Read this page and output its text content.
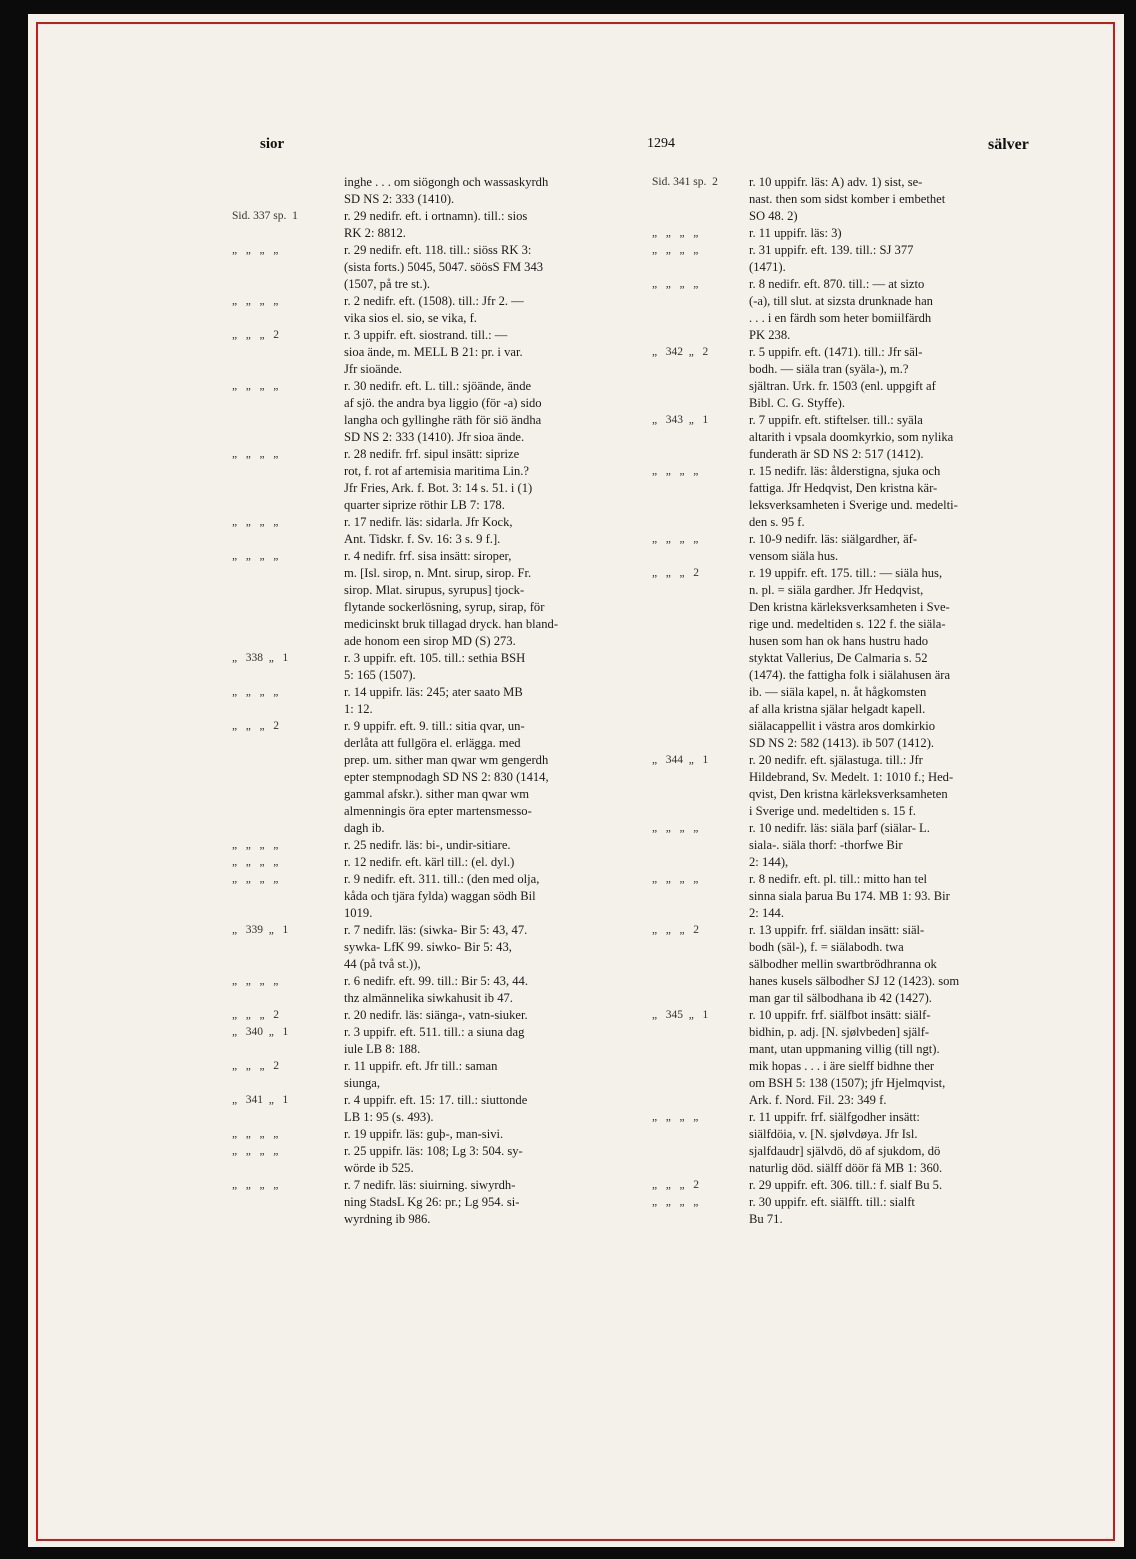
sior	1294	sälver
inghe . . . om siögongh och wassaskyrdh
SD NS 2: 333 (1410).
Sid. 337 sp.  1	r. 29 nedifr. eft. i ortnamn). till.: sios
RK 2: 8812.
„   „   „   „	r. 29 nedifr. eft. 118. till.: siöss RK 3:
(sista forts.) 5045, 5047. söösS FM 343
(1507, på tre st.).
„   „   „   „	r. 2 nedifr. eft. (1508). till.: Jfr 2. —
vika sios el. sio, se vika, f.
„   „   „   2	r. 3 uppifr. eft. siostrand. till.: —
sioa ände, m. MELL B 21: pr. i var.
Jfr sioände.
„   „   „   „	r. 30 nedifr. eft. L. till.: sjöände, ände
af sjö. the andra bya liggio (för -a) sido
langha och gyllinghe räth för siö ändha
SD NS 2: 333 (1410). Jfr sioa ände.
„   „   „   „	r. 28 nedifr. frf. sipul insätt: siprize
rot, f. rot af artemisia maritima Lin.?
Jfr Fries, Ark. f. Bot. 3: 14 s. 51. i (1)
quarter siprize röthir LB 7: 178.
„   „   „   „	r. 17 nedifr. läs: sidarla. Jfr Kock,
Ant. Tidskr. f. Sv. 16: 3 s. 9 f.].
„   „   „   „	r. 4 nedifr. frf. sisa insätt: siroper,
m. [Isl. sirop, n. Mnt. sirup, sirop. Fr.
sirop. Mlat. sirupus, syrupus] tjock-
flytande sockerlösning, syrup, sirap, för
medicinskt bruk tillagad dryck. han bland-
ade honom een sirop MD (S) 273.
„   338  „   1	r. 3 uppifr. eft. 105. till.: sethia BSH
5: 165 (1507).
„   „   „   „	r. 14 uppifr. läs: 245; ater saato MB
1: 12.
„   „   „   2	r. 9 uppifr. eft. 9. till.: sitia qvar, un-
derlåta att fullgöra el. erlägga. med
prep. um. sither man qwar wm gengerdh
epter stempnodagh SD NS 2: 830 (1414,
gammal afskr.). sither man qwar wm
almenningis öra epter martensmesso-
dagh ib.
„   „   „   „	r. 25 nedifr. läs: bi-, undir-sitiare.
„   „   „   „	r. 12 nedifr. eft. kärl till.: (el. dyl.)
„   „   „   „	r. 9 nedifr. eft. 311. till.: (den med olja,
kåda och tjära fylda) waggan södh Bil
1019.
„   339  „   1	r. 7 nedifr. läs: (siwka- Bir 5: 43, 47.
sywka- LfK 99. siwko- Bir 5: 43,
44 (på två st.)),
„   „   „   „	r. 6 nedifr. eft. 99. till.: Bir 5: 43, 44.
thz almännelika siwkahusit ib 47.
„   „   „   2	r. 20 nedifr. läs: siänga-, vatn-siuker.
„   340  „   1	r. 3 uppifr. eft. 511. till.: a siuna dag
iule LB 8: 188.
„   „   „   2	r. 11 uppifr. eft. Jfr till.: saman
siunga,
„   341  „   1	r. 4 uppifr. eft. 15: 17. till.: siuttonde
LB 1: 95 (s. 493).
„   „   „   „	r. 19 uppifr. läs: guþ-, man-sivi.
„   „   „   „	r. 25 uppifr. läs: 108; Lg 3: 504. sy-
wörde ib 525.
„   „   „   „	r. 7 nedifr. läs: siuirning. siwyrdh-
ning StadsL Kg 26: pr.; Lg 954. si-
wyrdning ib 986.
Sid. 341 sp.  2	r. 10 uppifr. läs: A) adv. 1) sist, se-
nast. then som sidst komber i embethet
SO 48. 2)
„   „   „   „	r. 11 uppifr. läs: 3)
„   „   „   „	r. 31 uppifr. eft. 139. till.: SJ 377
(1471).
„   „   „   „	r. 8 nedifr. eft. 870. till.: — at sizto
(-a), till slut. at sizsta drunknade han
. . . i en färdh som heter bomiilfärdh
PK 238.
„   342  „   2	r. 5 uppifr. eft. (1471). till.: Jfr säl-
bodh. — siäla tran (syäla-), m.?
själtran. Urk. fr. 1503 (enl. uppgift af
Bibl. C. G. Styffe).
„   343  „   1	r. 7 uppifr. eft. stiftelser. till.: syäla
altarith i vpsala doomkyrkio, som nylika
funderath är SD NS 2: 517 (1412).
„   „   „   „	r. 15 nedifr. läs: ålderstigna, sjuka och
fattiga. Jfr Hedqvist, Den kristna kär-
leksverksamheten i Sverige und. medelti-
den s. 95 f.
„   „   „   „	r. 10-9 nedifr. läs: siälgardher, äf-
vensom siäla hus.
„   „   „   2	r. 19 uppifr. eft. 175. till.: — siäla hus,
n. pl. = siäla gardher. Jfr Hedqvist,
Den kristna kärleksverksamheten i Sve-
rige und. medeltiden s. 122 f. the siäla-
husen som han ok hans hustru hado
styktat Vallerius, De Calmaria s. 52
(1474). the fattigha folk i siälahusen ära
ib. — siäla kapel, n. åt hågkomsten
af alla kristna själar helgadt kapell.
siälacappellit i västra aros domkirkio
SD NS 2: 582 (1413). ib 507 (1412).
„   344  „   1	r. 20 nedifr. eft. själastuga. till.: Jfr
Hildebrand, Sv. Medelt. 1: 1010 f.; Hed-
qvist, Den kristna kärleksverksamheten
i Sverige und. medeltiden s. 15 f.
„   „   „   „	r. 10 nedifr. läs: siäla þarf (siälar- L.
siala-. siäla thorf: -thorfwe Bir
2: 144),
„   „   „   „	r. 8 nedifr. eft. pl. till.: mitto han tel
sinna siala þarua Bu 174. MB 1: 93. Bir
2: 144.
„   „   „   2	r. 13 uppifr. frf. siäldan insätt: siäl-
bodh (säl-), f. = siälabodh. twa
sälbodher mellin swartbrödhranna ok
hanes kusels sälbodher SJ 12 (1423). som
man gar til sälbodhana ib 42 (1427).
„   345  „   1	r. 10 uppifr. frf. siälfbot insätt: siälf-
bidhin, p. adj. [N. sjølvbeden] själf-
mant, utan uppmaning villig (till ngt).
mik hopas . . . i äre sielff bidhne ther
om BSH 5: 138 (1507); jfr Hjelmqvist,
Ark. f. Nord. Fil. 23: 349 f.
„   „   „   „	r. 11 uppifr. frf. siälfgodher insätt:
siälfdöia, v. [N. sjølvdøya. Jfr Isl.
sjalfdaudr] självdö, dö af sjukdom, dö
naturlig död. siälff döör fä MB 1: 360.
„   „   „   2	r. 29 uppifr. eft. 306. till.: f. sialf Bu 5.
„   „   „   „	r. 30 uppifr. eft. siälfft. till.: sialft
Bu 71.
